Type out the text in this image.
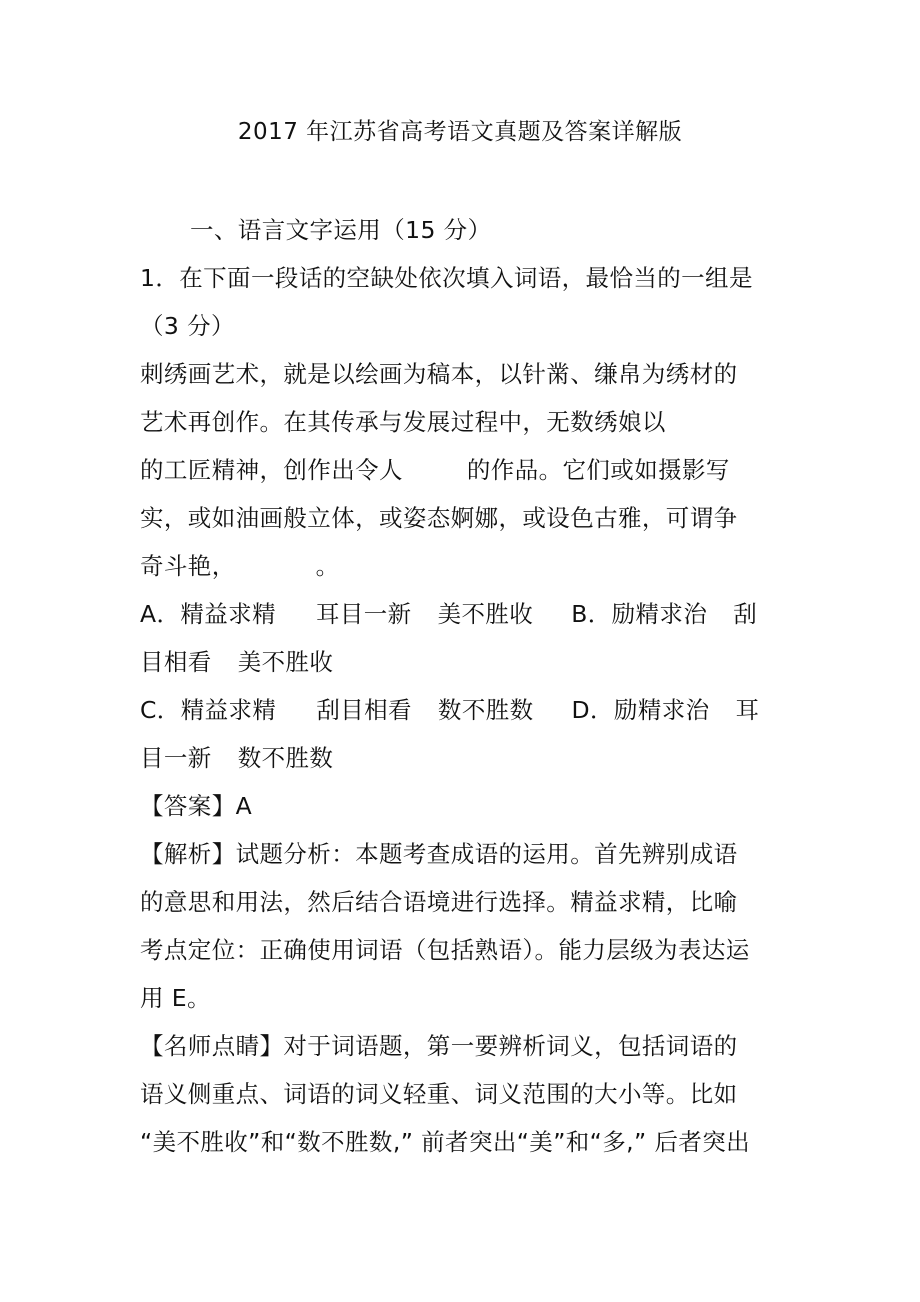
2017 年江苏省高考语文真题及答案详解版
一、语言文字运用（15 分）
1．在下面一段话的空缺处依次填入词语，最恰当的一组是
（3 分）
刺绣画艺术，就是以绘画为稿本，以针黹、缣帛为绣材的
艺术再创作。在其传承与发展过程中，无数绣娘以
的工匠精神，创作出令人	的作品。它们或如摄影写
实，或如油画般立体，或姿态婀娜，或设色古雅，可谓争
奇斗艳，	。
A．精益求精 耳目一新 美不胜收 B．励精求治 刮
目相看 美不胜收
C．精益求精 刮目相看 数不胜数 D．励精求治 耳
目一新 数不胜数
【答案】A
【解析】试题分析：本题考查成语的运用。首先辨别成语
的意思和用法，然后结合语境进行选择。精益求精，比喻
考点定位：正确使用词语（包括熟语）。能力层级为表达运
用 E。
【名师点睛】对于词语题，第一要辨析词义，包括词语的
语义侧重点、词语的词义轻重、词义范围的大小等。比如
“美不胜收”和“数不胜数,” 前者突出“美”和“多,” 后者突出
